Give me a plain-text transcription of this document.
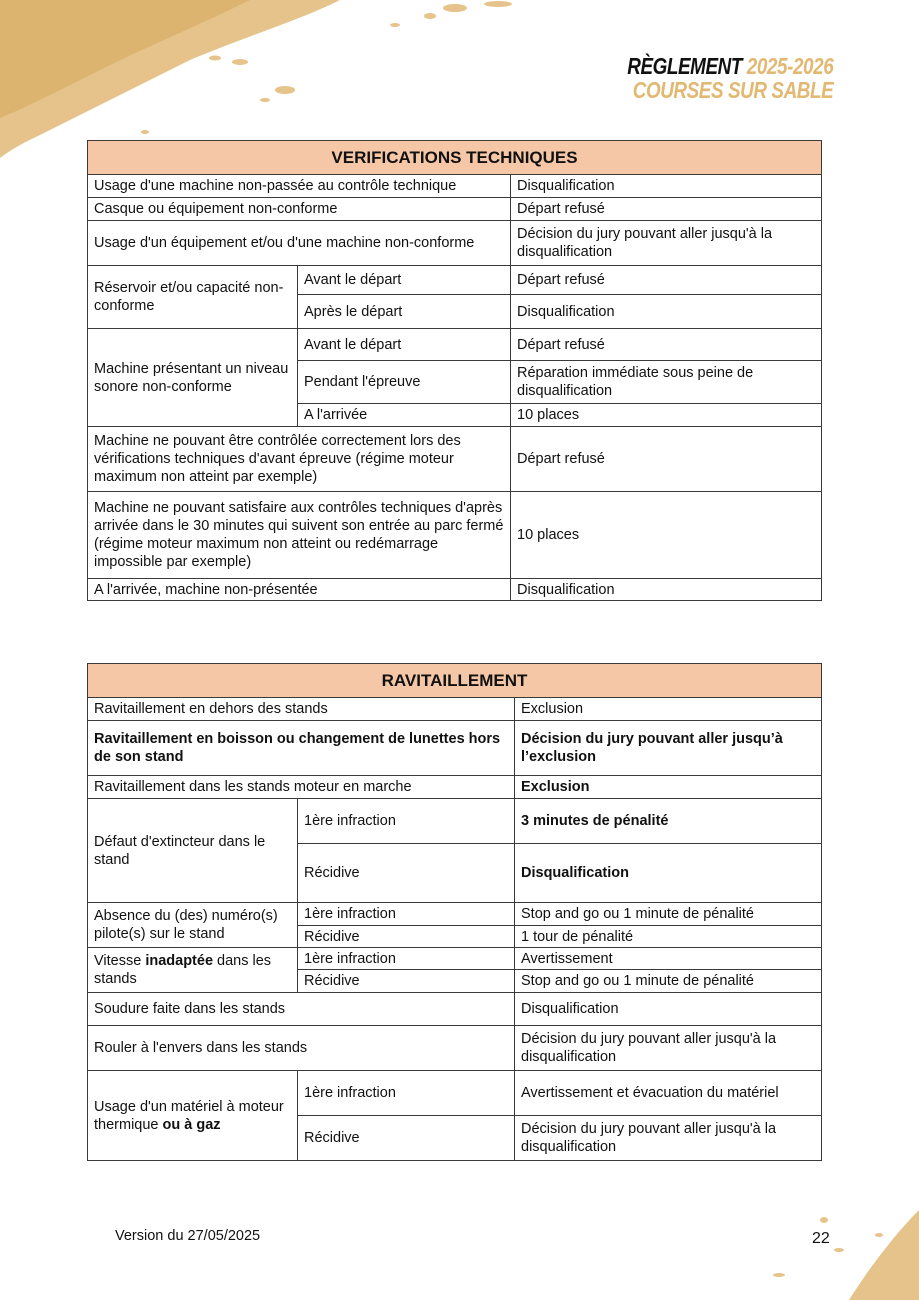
RÈGLEMENT 2025-2026
COURSES SUR SABLE
VERIFICATIONS TECHNIQUES		
Usage d'une machine non-passée au contrôle technique		Disqualification
Casque ou équipement non-conforme		Départ refusé
Usage d'un équipement et/ou d'une machine non-conforme		Décision du jury pouvant aller jusqu'à la disqualification
Réservoir et/ou capacité non-conforme	Avant le départ	Départ refusé
	Après le départ	Disqualification
Machine présentant un niveau sonore non-conforme	Avant le départ	Départ refusé
	Pendant l'épreuve	Réparation immédiate sous peine de disqualification
	A l'arrivée	10 places
Machine ne pouvant être contrôlée correctement lors des vérifications techniques d'avant épreuve (régime moteur maximum non atteint par exemple)		Départ refusé
Machine ne pouvant satisfaire aux contrôles techniques d'après arrivée dans le 30 minutes qui suivent son entrée au parc fermé (régime moteur maximum non atteint ou redémarrage impossible par exemple)		10 places
A l'arrivée, machine non-présentée		Disqualification
RAVITAILLEMENT		
Ravitaillement en dehors des stands		Exclusion
Ravitaillement en boisson ou changement de lunettes hors de son stand		Décision du jury pouvant aller jusqu’à l’exclusion
Ravitaillement dans les stands moteur en marche		Exclusion
Défaut d'extincteur dans le stand	1ère infraction	3 minutes de pénalité
	Récidive	Disqualification
Absence du (des) numéro(s) pilote(s) sur le stand	1ère infraction	Stop and go ou 1 minute de pénalité
	Récidive	1 tour de pénalité
Vitesse inadaptée dans les stands	1ère infraction	Avertissement
	Récidive	Stop and go ou 1 minute de pénalité
Soudure faite dans les stands		Disqualification
Rouler à l'envers dans les stands		Décision du jury pouvant aller jusqu'à la disqualification
Usage d'un matériel à moteur thermique ou à gaz	1ère infraction	Avertissement et évacuation du matériel
	Récidive	Décision du jury pouvant aller jusqu'à la disqualification
Version du 27/05/2025	22
